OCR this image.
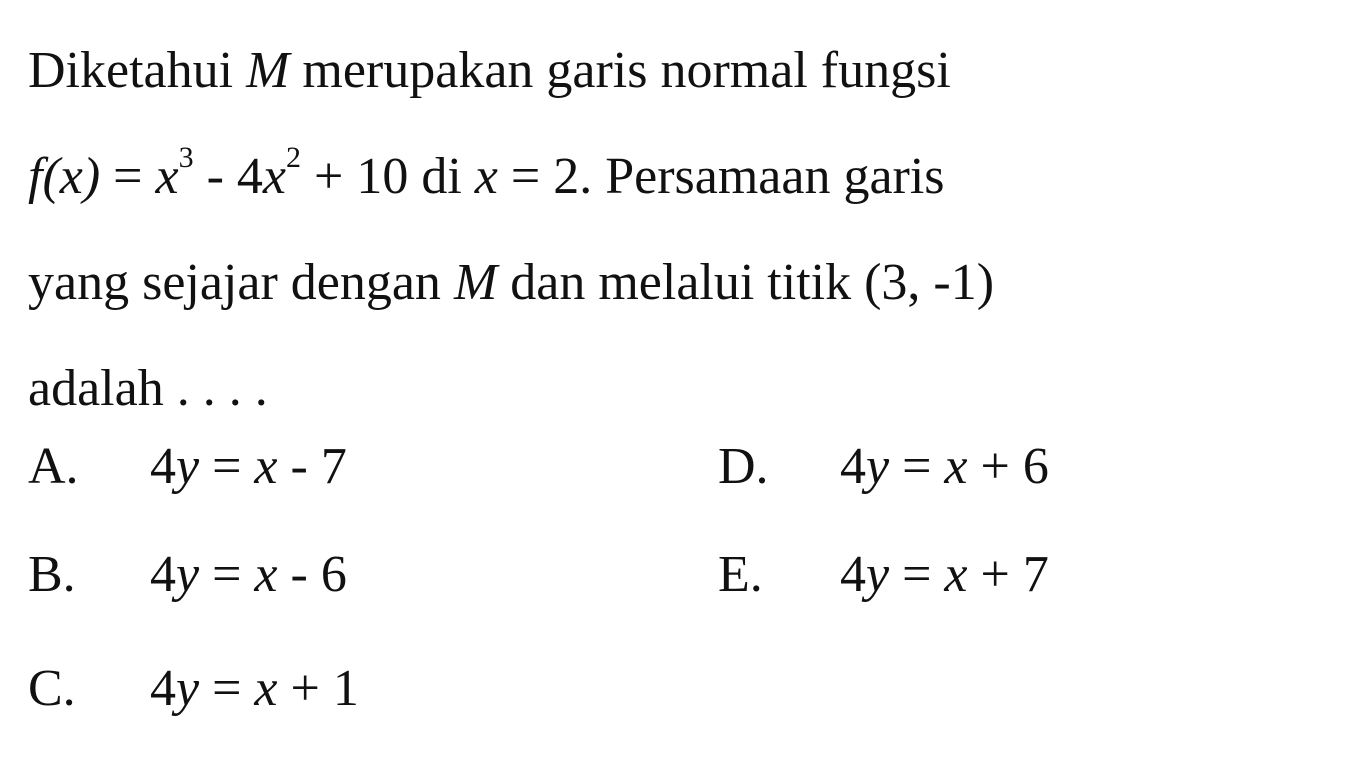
Diketahui M merupakan garis normal fungsi
$f(x) = x^3 - 4x^2 + 10$ di x = 2. Persamaan garis
yang sejajar dengan M dan melalui titik (3, -1)
adalah . . . .
A. 4y = x - 7
B. 4y = x - 6
C. 4y = x + 1
D. 4y = x + 6
E. 4y = x + 7
